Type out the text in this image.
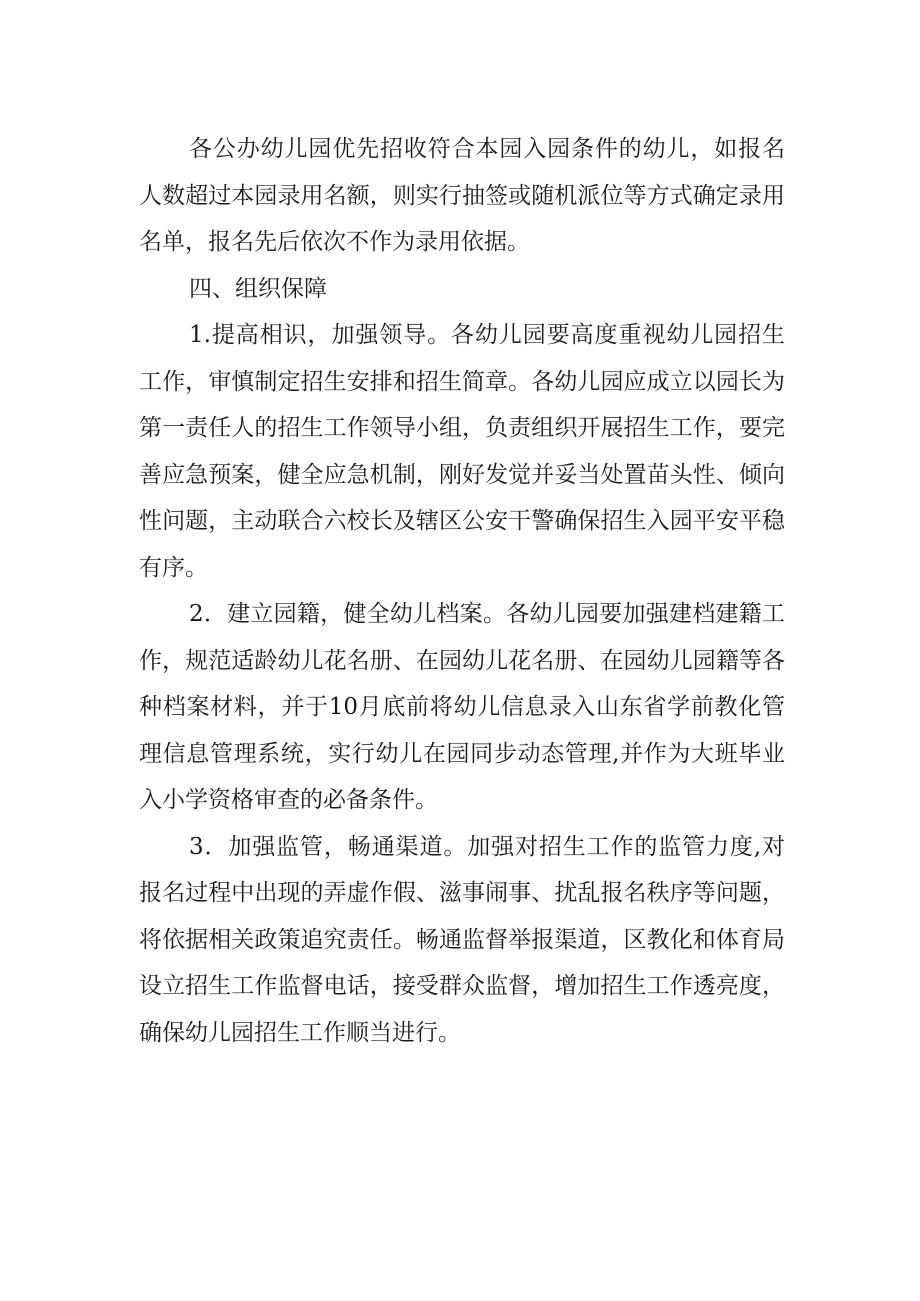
各公办幼儿园优先招收符合本园入园条件的幼儿，如报名人数超过本园录用名额，则实行抽签或随机派位等方式确定录用名单，报名先后依次不作为录用依据。

四、组织保障

1.提高相识，加强领导。各幼儿园要高度重视幼儿园招生工作，审慎制定招生安排和招生简章。各幼儿园应成立以园长为第一责任人的招生工作领导小组，负责组织开展招生工作，要完善应急预案，健全应急机制，刚好发觉并妥当处置苗头性、倾向性问题，主动联合六校长及辖区公安干警确保招生入园平安平稳有序。

2．建立园籍，健全幼儿档案。各幼儿园要加强建档建籍工作，规范适龄幼儿花名册、在园幼儿花名册、在园幼儿园籍等各种档案材料，并于10月底前将幼儿信息录入山东省学前教化管理信息管理系统，实行幼儿在园同步动态管理,并作为大班毕业入小学资格审查的必备条件。

3．加强监管，畅通渠道。加强对招生工作的监管力度,对报名过程中出现的弄虚作假、滋事闹事、扰乱报名秩序等问题，将依据相关政策追究责任。畅通监督举报渠道，区教化和体育局设立招生工作监督电话，接受群众监督，增加招生工作透亮度，确保幼儿园招生工作顺当进行。
